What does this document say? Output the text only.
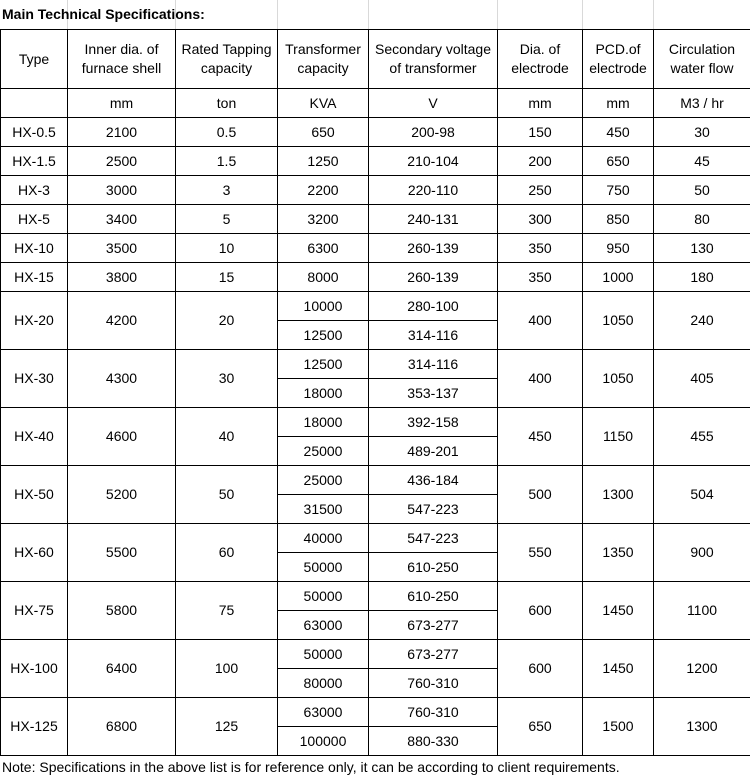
Main Technical Specifications:
Type	Inner dia. of furnace shell	Rated Tapping capacity	Transformer capacity	Secondary voltage of transformer	Dia. of electrode	PCD.of electrode	Circulation water flow
	mm	ton	KVA	V	mm	mm	M3 / hr
HX-0.5	2100	0.5	650	200-98	150	450	30
HX-1.5	2500	1.5	1250	210-104	200	650	45
HX-3	3000	3	2200	220-110	250	750	50
HX-5	3400	5	3200	240-131	300	850	80
HX-10	3500	10	6300	260-139	350	950	130
HX-15	3800	15	8000	260-139	350	1000	180
HX-20	4200	20	10000	280-100	400	1050	240
			12500	314-116			
HX-30	4300	30	12500	314-116	400	1050	405
			18000	353-137			
HX-40	4600	40	18000	392-158	450	1150	455
			25000	489-201			
HX-50	5200	50	25000	436-184	500	1300	504
			31500	547-223			
HX-60	5500	60	40000	547-223	550	1350	900
			50000	610-250			
HX-75	5800	75	50000	610-250	600	1450	1100
			63000	673-277			
HX-100	6400	100	50000	673-277	600	1450	1200
			80000	760-310			
HX-125	6800	125	63000	760-310	650	1500	1300
			100000	880-330			
Note: Specifications in the above list is for reference only, it can be according to client requirements.
